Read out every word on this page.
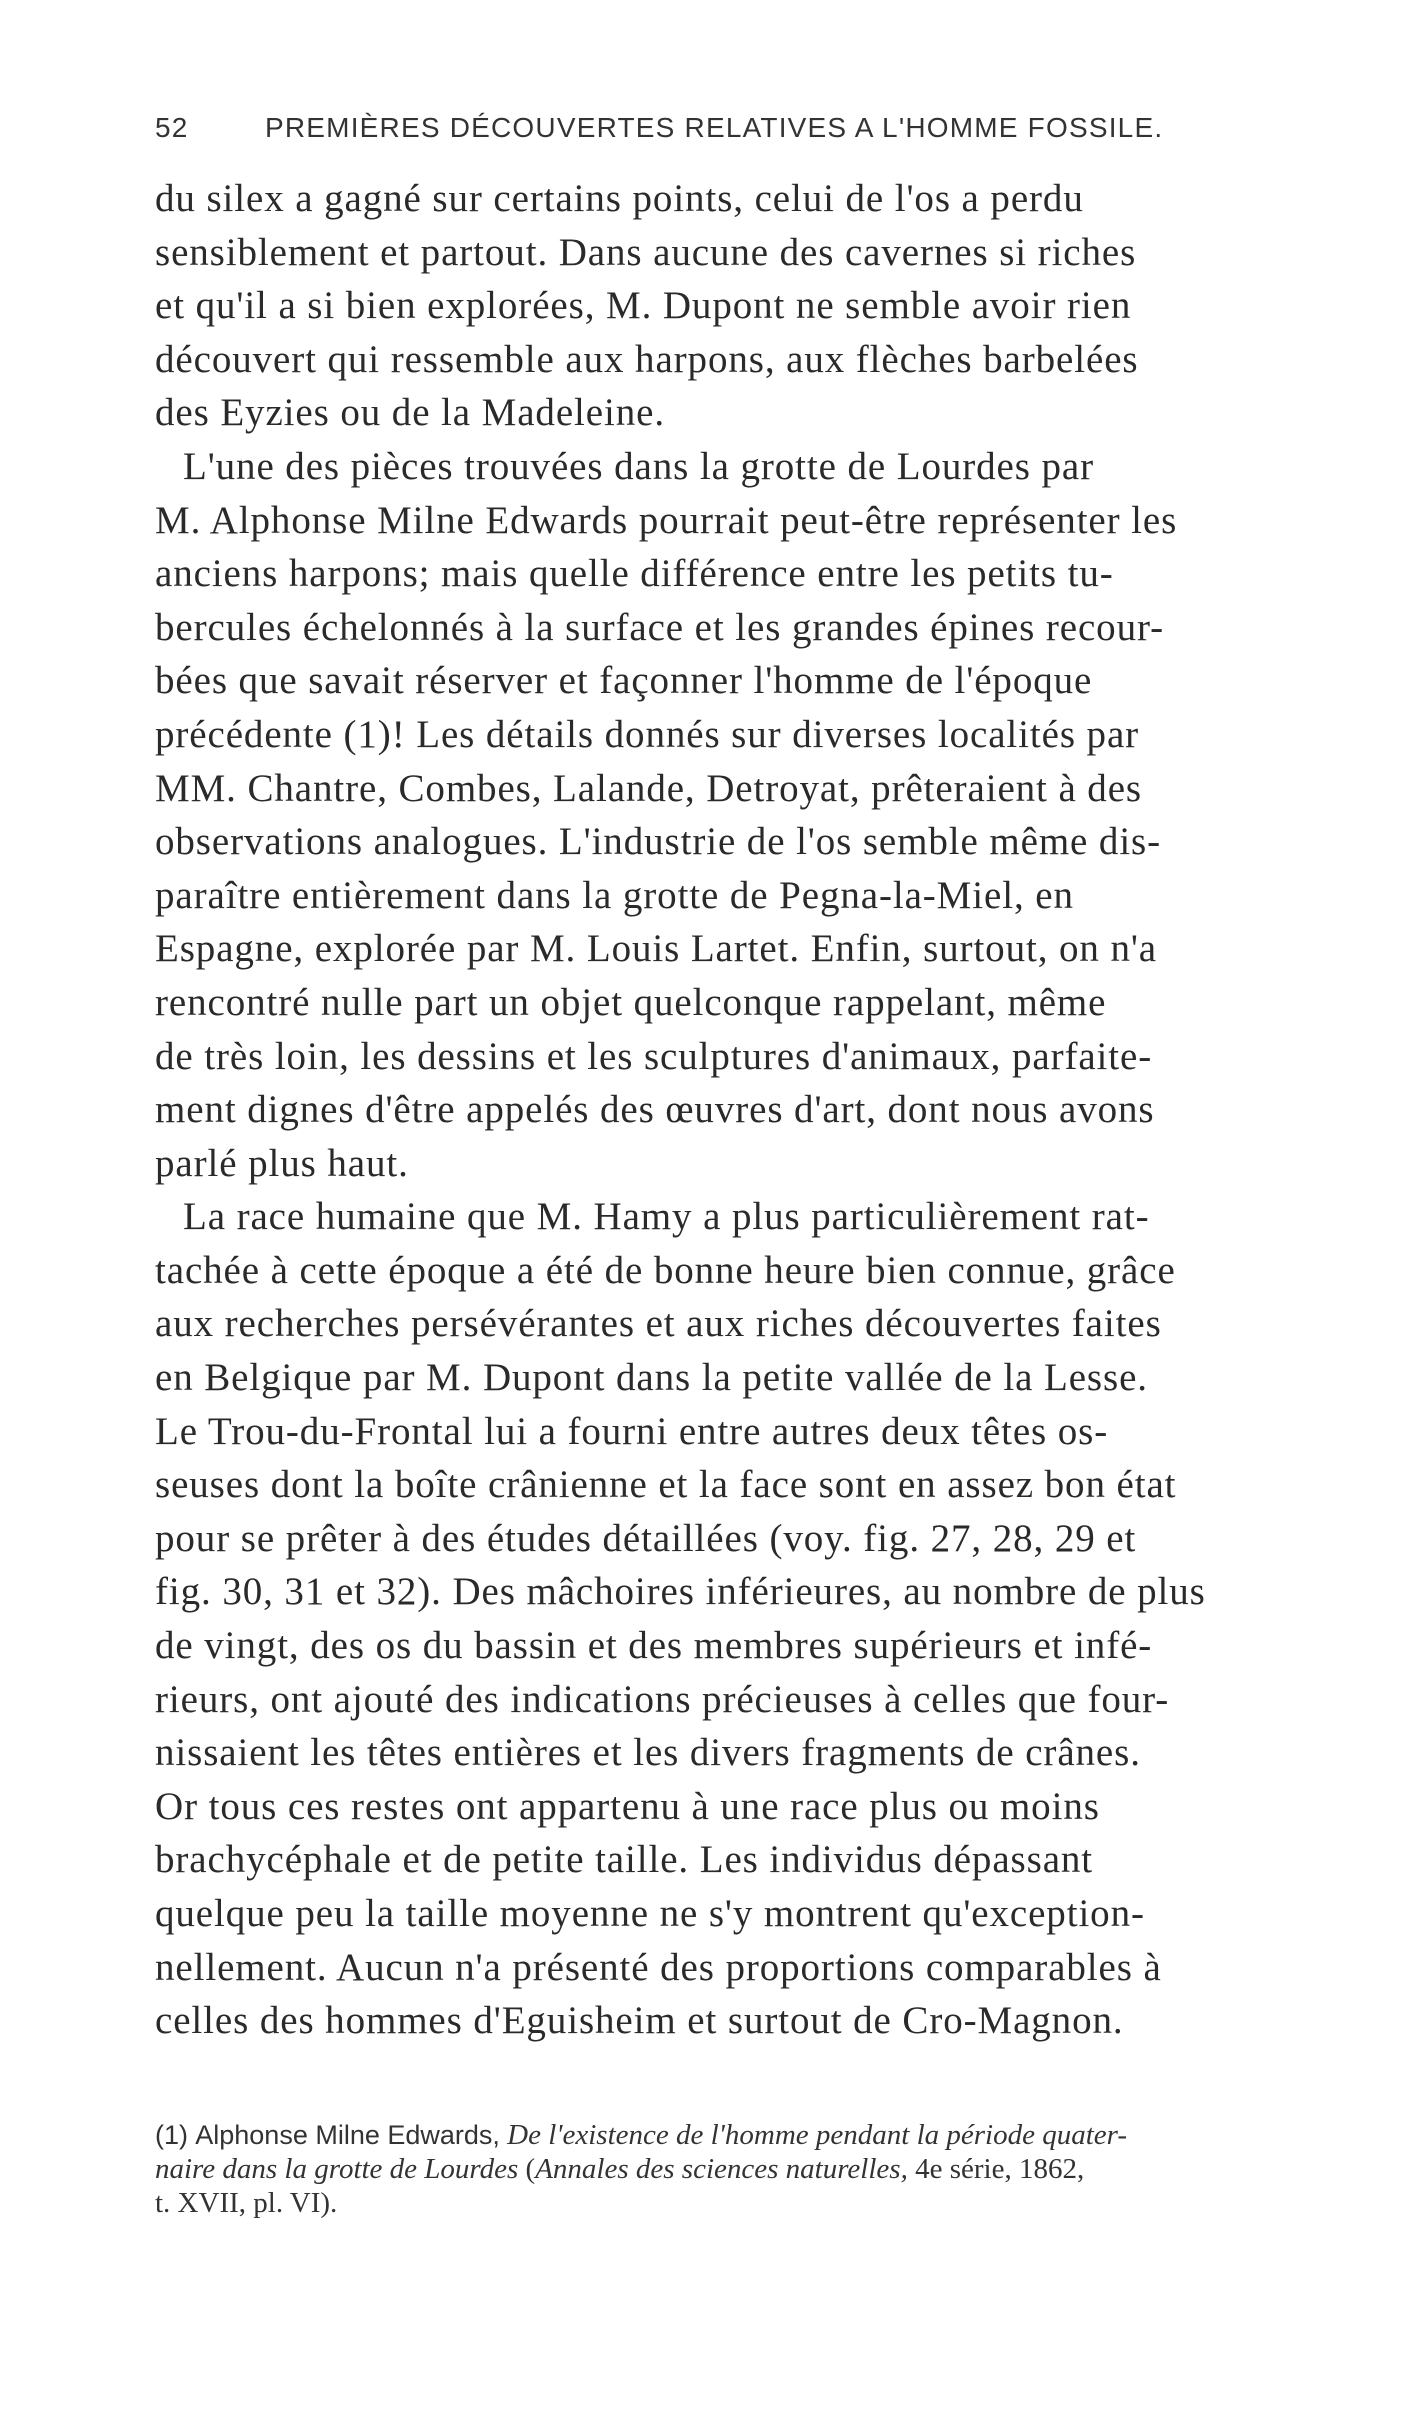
52	PREMIÈRES DÉCOUVERTES RELATIVES A L'HOMME FOSSILE.
du silex a gagné sur certains points, celui de l'os a perdu
sensiblement et partout. Dans aucune des cavernes si riches
et qu'il a si bien explorées, M. Dupont ne semble avoir rien
découvert qui ressemble aux harpons, aux flèches barbelées
des Eyzies ou de la Madeleine.
L'une des pièces trouvées dans la grotte de Lourdes par
M. Alphonse Milne Edwards pourrait peut-être représenter les
anciens harpons; mais quelle différence entre les petits tu-
bercules échelonnés à la surface et les grandes épines recour-
bées que savait réserver et façonner l'homme de l'époque
précédente (1)! Les détails donnés sur diverses localités par
MM. Chantre, Combes, Lalande, Detroyat, prêteraient à des
observations analogues. L'industrie de l'os semble même dis-
paraître entièrement dans la grotte de Pegna-la-Miel, en
Espagne, explorée par M. Louis Lartet. Enfin, surtout, on n'a
rencontré nulle part un objet quelconque rappelant, même
de très loin, les dessins et les sculptures d'animaux, parfaite-
ment dignes d'être appelés des œuvres d'art, dont nous avons
parlé plus haut.
La race humaine que M. Hamy a plus particulièrement rat-
tachée à cette époque a été de bonne heure bien connue, grâce
aux recherches persévérantes et aux riches découvertes faites
en Belgique par M. Dupont dans la petite vallée de la Lesse.
Le Trou-du-Frontal lui a fourni entre autres deux têtes os-
seuses dont la boîte crânienne et la face sont en assez bon état
pour se prêter à des études détaillées (voy. fig. 27, 28, 29 et
fig. 30, 31 et 32). Des mâchoires inférieures, au nombre de plus
de vingt, des os du bassin et des membres supérieurs et infé-
rieurs, ont ajouté des indications précieuses à celles que four-
nissaient les têtes entières et les divers fragments de crânes.
Or tous ces restes ont appartenu à une race plus ou moins
brachycéphale et de petite taille. Les individus dépassant
quelque peu la taille moyenne ne s'y montrent qu'exception-
nellement. Aucun n'a présenté des proportions comparables à
celles des hommes d'Eguisheim et surtout de Cro-Magnon.
(1) Alphonse Milne Edwards, De l'existence de l'homme pendant la période quater-
naire dans la grotte de Lourdes (Annales des sciences naturelles, 4e série, 1862,
t. XVII, pl. VI).
